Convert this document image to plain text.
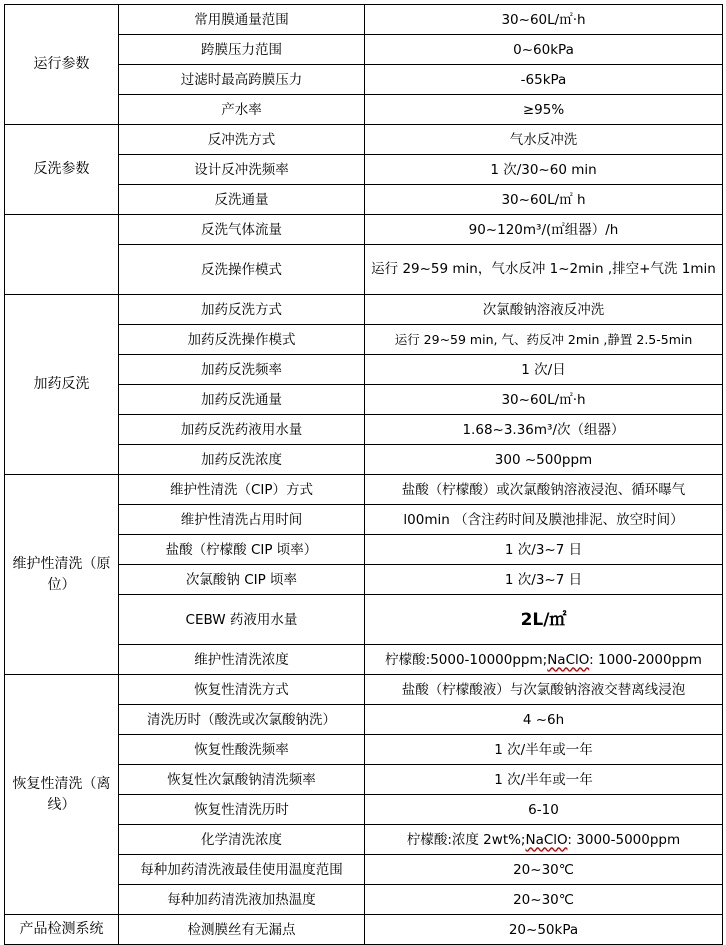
运行参数	常用膜通量范围	30~60L/㎡·h
	跨膜压力范围	0~60kPa
	过滤时最高跨膜压力	-65kPa
	产水率	≥95%
反洗参数	反冲洗方式	气水反冲洗
	设计反冲洗频率	1 次/30~60 min
	反洗通量	30~60L/㎡ h
	反洗气体流量	90~120m³/(㎡组器）/h
	反洗操作模式	运行 29~59 min，气水反冲 1~2min ,排空+气洗 1min
加药反洗	加药反洗方式	次氯酸钠溶液反冲洗
	加药反洗操作模式	运行 29~59 min, 气、药反冲 2min ,静置 2.5-5min
	加药反洗频率	1 次/日
	加药反洗通量	30~60L/㎡·h
	加药反洗药液用水量	1.68~3.36m³/次（组器）
	加药反洗浓度	300 ~500ppm
维护性清洗（原位）	维护性清洗（CIP）方式	盐酸（柠檬酸）或次氯酸钠溶液浸泡、循环曝气
	维护性清洗占用时间	l00min （含注药时间及膜池排泥、放空时间）
	盐酸（柠檬酸 CIP 顷率）	1 次/3~7 日
	次氯酸钠 CIP 顷率	1 次/3~7 日
	CEBW 药液用水量	2L/㎡
	维护性清洗浓度	柠檬酸:5000-10000ppm;NaClO: 1000-2000ppm
恢复性清洗（离线）	恢复性清洗方式	盐酸（柠檬酸液）与次氯酸钠溶液交替离线浸泡
	清洗历时（酸洗或次氯酸钠洗）	4 ~6h
	恢复性酸洗频率	1 次/半年或一年
	恢复性次氯酸钠清洗频率	1 次/半年或一年
	恢复性清洗历时	6-10
	化学清洗浓度	柠檬酸:浓度 2wt%;NaClO: 3000-5000ppm
	每种加药清洗液最佳使用温度范围	20~30℃
	每种加药清洗液加热温度	20~30℃
产品检测系统	检测膜丝有无漏点	20~50kPa
